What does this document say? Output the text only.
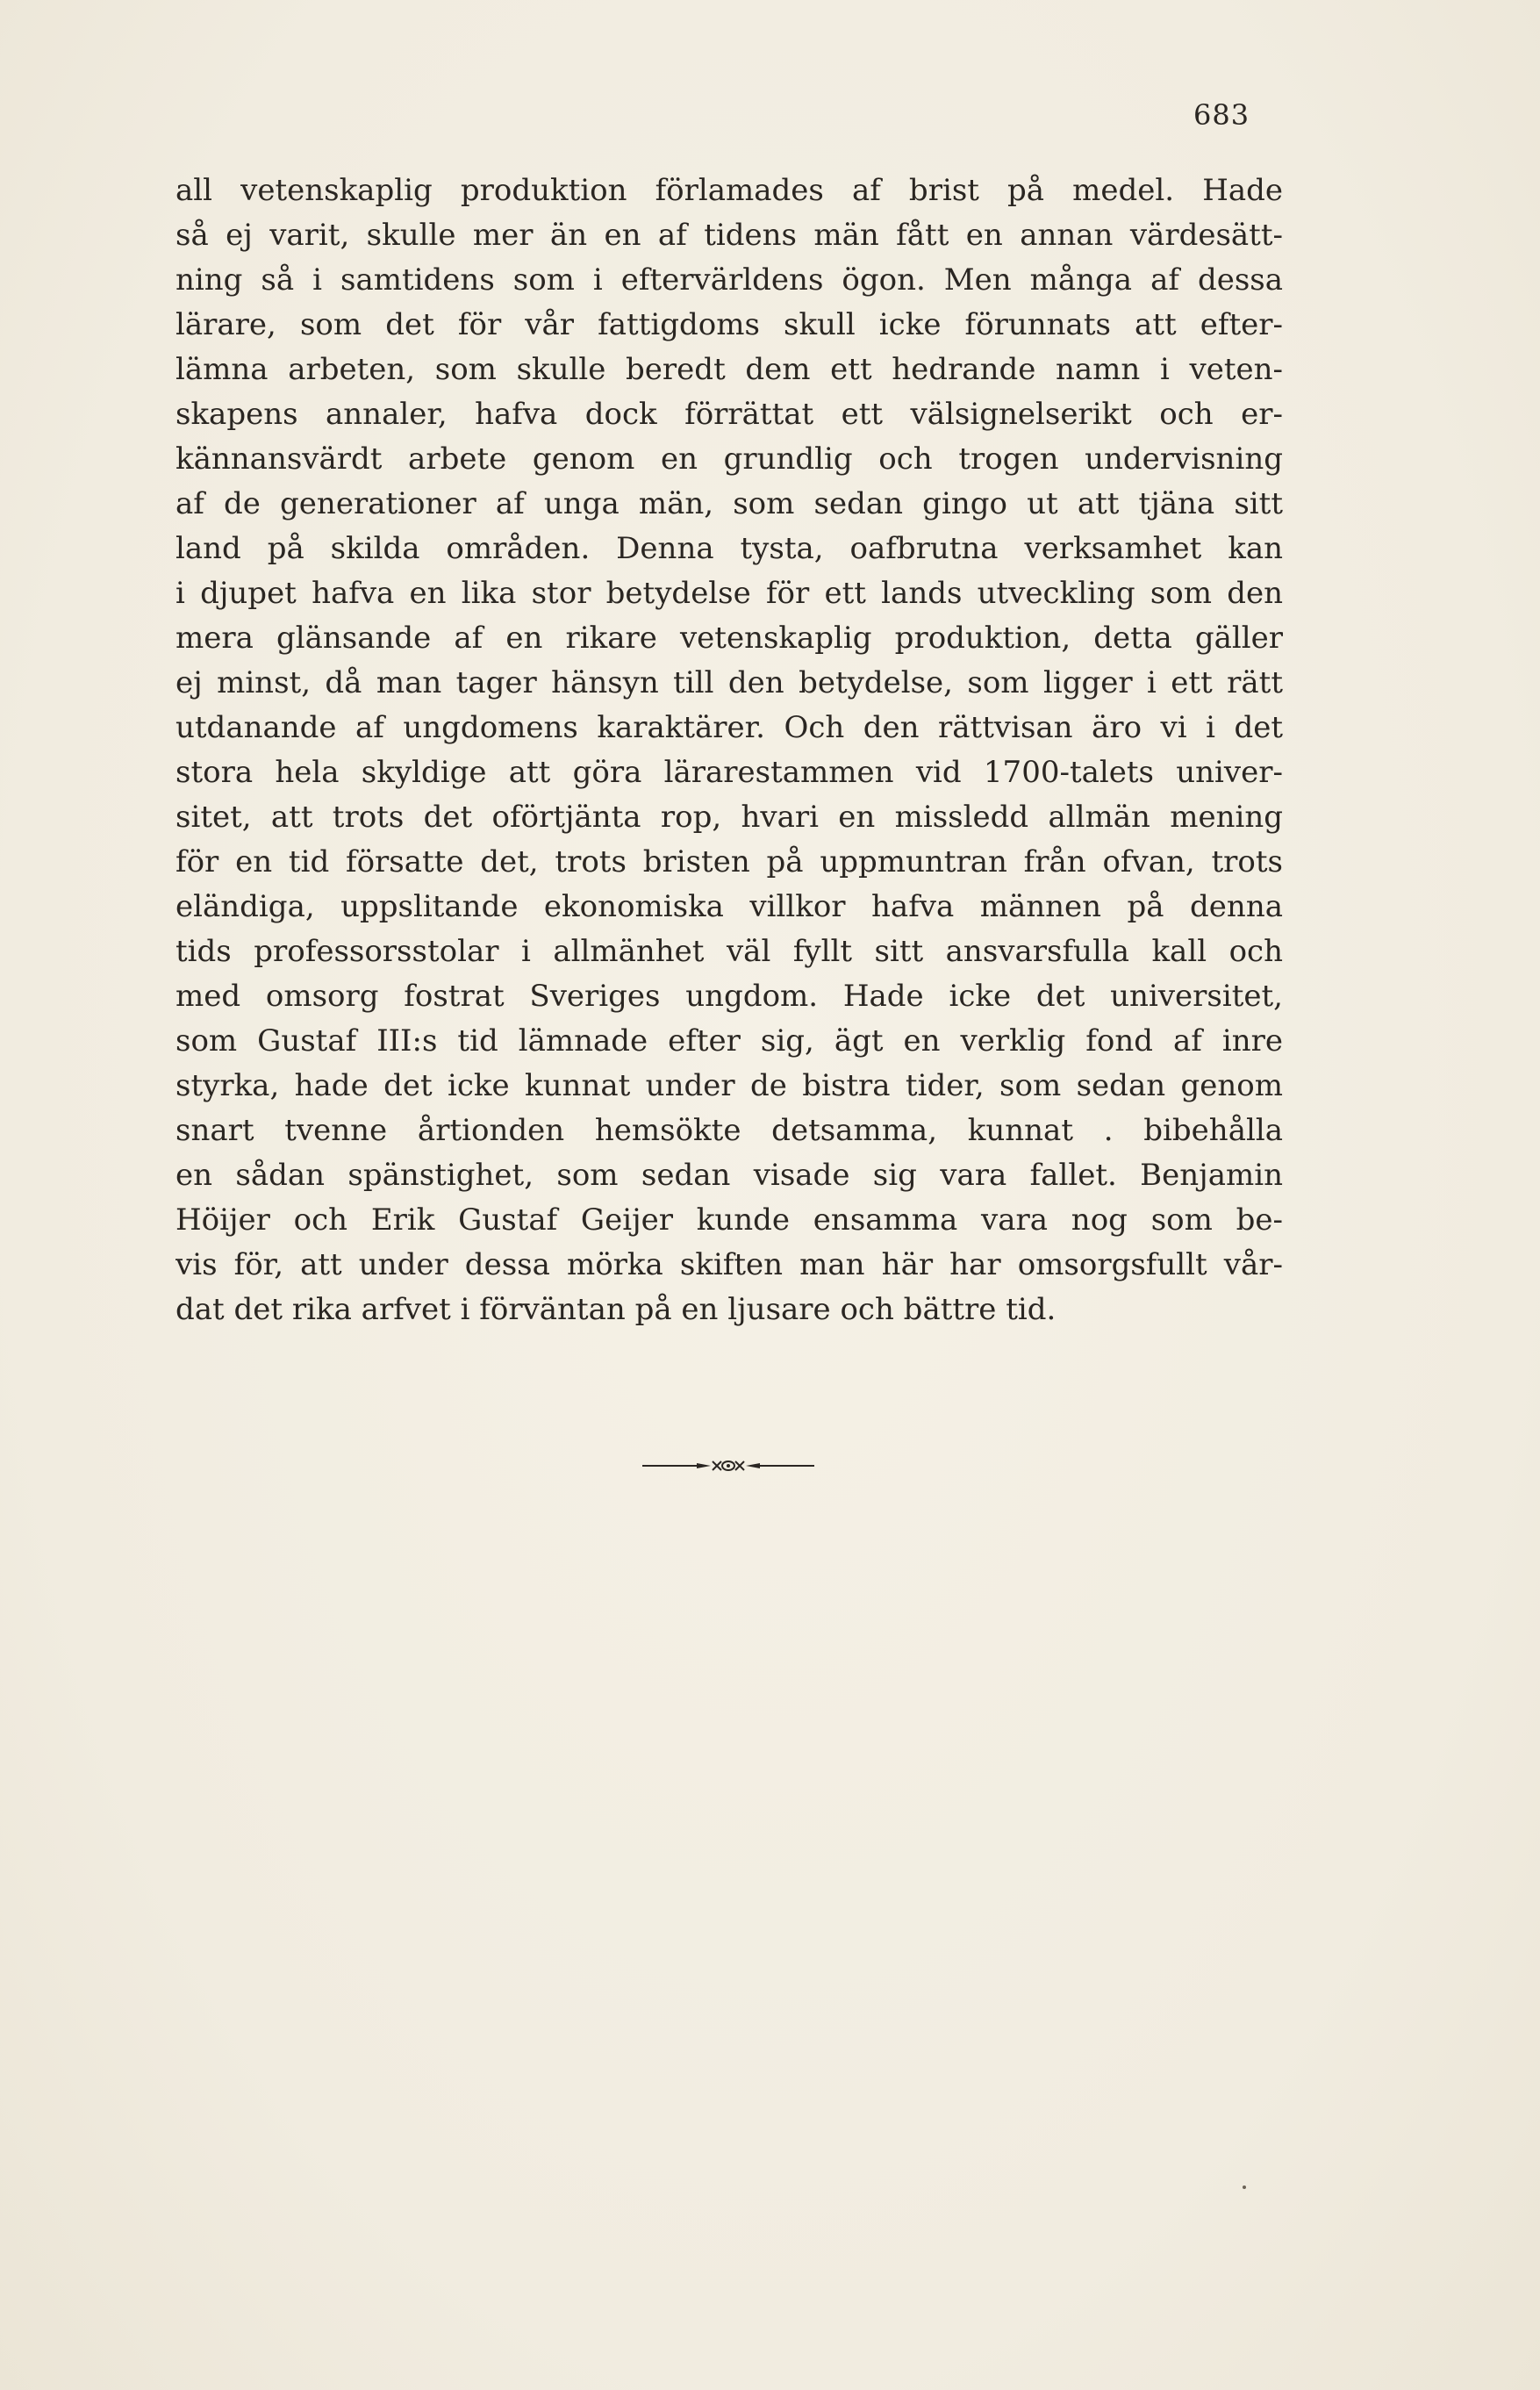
683
all vetenskaplig produktion förlamades af brist på medel. Hade
så ej varit, skulle mer än en af tidens män fått en annan värdesätt-
ning så i samtidens som i eftervärldens ögon. Men många af dessa
lärare, som det för vår fattigdoms skull icke förunnats att efter-
lämna arbeten, som skulle beredt dem ett hedrande namn i veten-
skapens annaler, hafva dock förrättat ett välsignelserikt och er-
kännansvärdt arbete genom en grundlig och trogen undervisning
af de generationer af unga män, som sedan gingo ut att tjäna sitt
land på skilda områden. Denna tysta, oafbrutna verksamhet kan
i djupet hafva en lika stor betydelse för ett lands utveckling som den
mera glänsande af en rikare vetenskaplig produktion, detta gäller
ej minst, då man tager hänsyn till den betydelse, som ligger i ett rätt
utdanande af ungdomens karaktärer. Och den rättvisan äro vi i det
stora hela skyldige att göra lärarestammen vid 1700-talets univer-
sitet, att trots det oförtjänta rop, hvari en missledd allmän mening
för en tid försatte det, trots bristen på uppmuntran från ofvan, trots
eländiga, uppslitande ekonomiska villkor hafva männen på denna
tids professorsstolar i allmänhet väl fyllt sitt ansvarsfulla kall och
med omsorg fostrat Sveriges ungdom. Hade icke det universitet,
som Gustaf III:s tid lämnade efter sig, ägt en verklig fond af inre
styrka, hade det icke kunnat under de bistra tider, som sedan genom
snart tvenne årtionden hemsökte detsamma, kunnat . bibehålla
en sådan spänstighet, som sedan visade sig vara fallet. Benjamin
Höijer och Erik Gustaf Geijer kunde ensamma vara nog som be-
vis för, att under dessa mörka skiften man här har omsorgsfullt vår-
dat det rika arfvet i förväntan på en ljusare och bättre tid.
